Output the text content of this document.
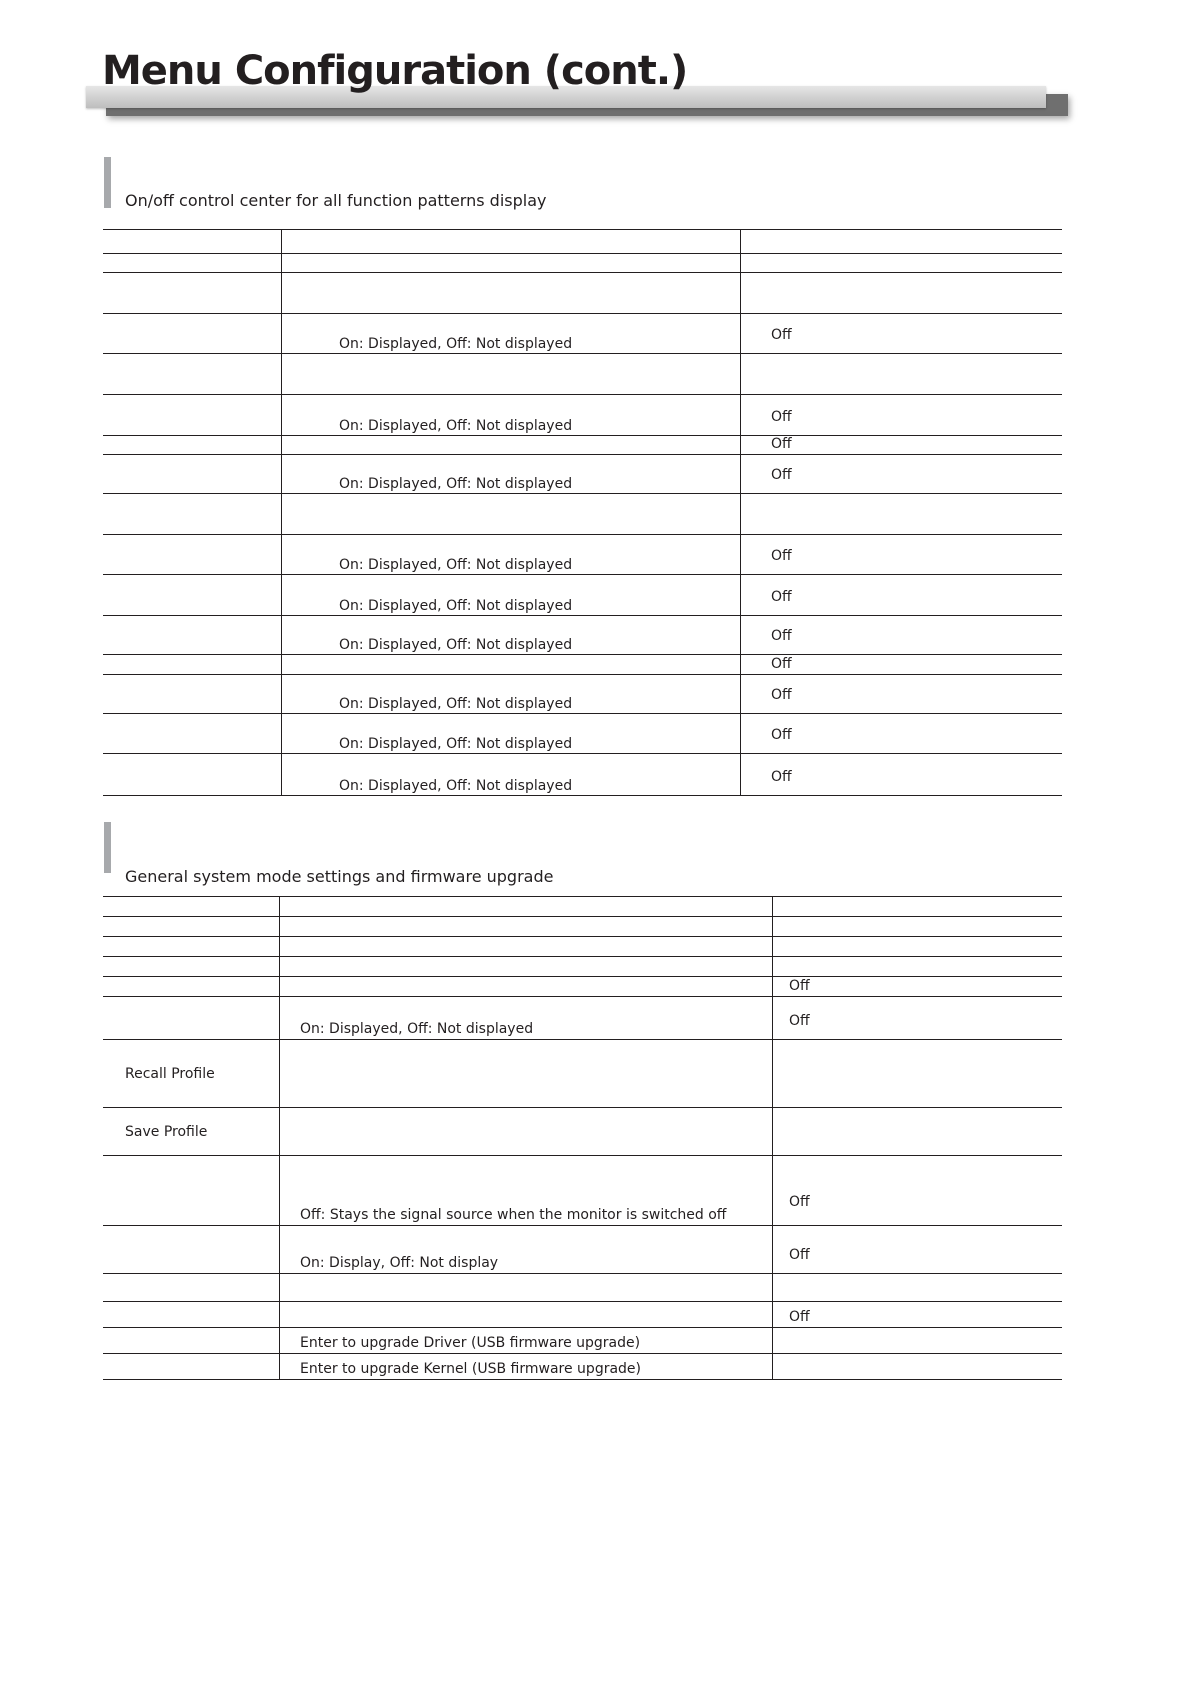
Menu Configuration (cont.)
On/off control center for all function patterns display

	On: Displayed, Off: Not displayed	Off

	On: Displayed, Off: Not displayed	Off

		Off

	On: Displayed, Off: Not displayed	Off

	On: Displayed, Off: Not displayed	Off

	On: Displayed, Off: Not displayed	Off

	On: Displayed, Off: Not displayed	Off

		Off

	On: Displayed, Off: Not displayed	Off

	On: Displayed, Off: Not displayed	Off

	On: Displayed, Off: Not displayed	Off
General system mode settings and firmware upgrade

		Off

	On: Displayed, Off: Not displayed	Off

Recall Profile		

Save Profile		

	Off: Stays the signal source when the monitor is switched off	Off

	On: Display, Off: Not display	Off

		Off

	Enter to upgrade Driver (USB firmware upgrade)	

	Enter to upgrade Kernel (USB firmware upgrade)	
